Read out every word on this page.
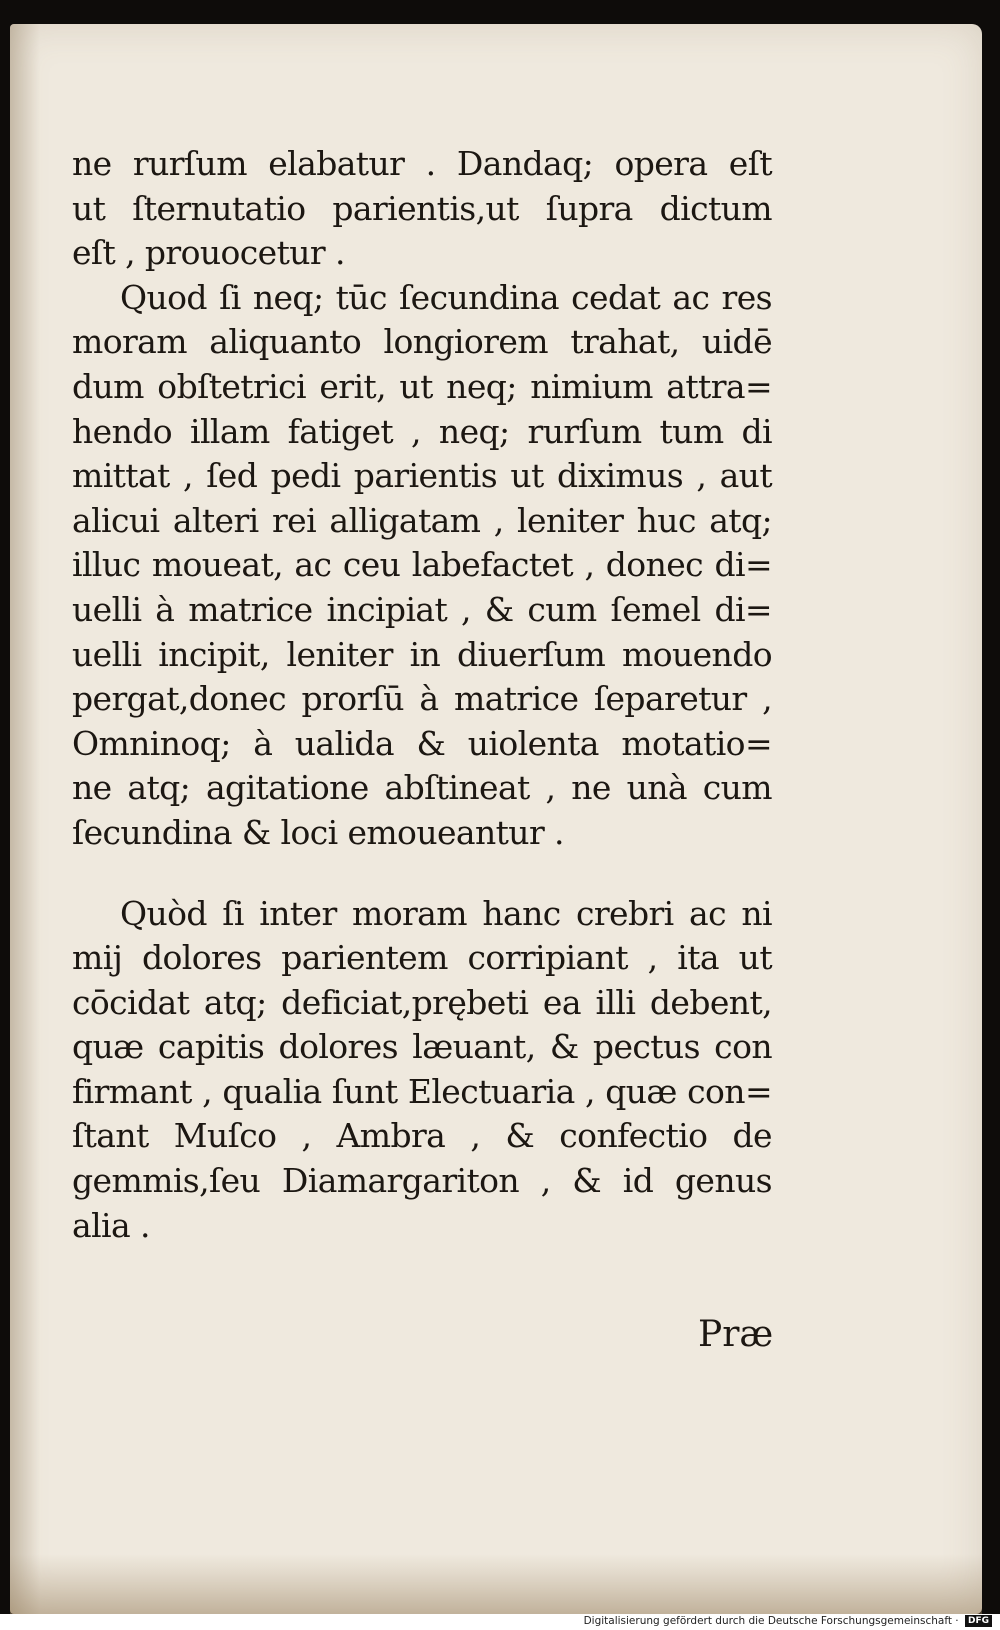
ne rurſum elabatur . Dandaq; opera eſt
ut ſternutatio parientis,ut ſupra dictum
eſt , prouocetur .
Quod ſi neq; tūc ſecundina cedat ac res
moram aliquanto longiorem trahat, uidē
dum obſtetrici erit, ut neq; nimium attra=
hendo illam fatiget , neq; rurſum tum di
mittat , ſed pedi parientis ut diximus , aut
alicui alteri rei alligatam , leniter huc atq;
illuc moueat, ac ceu labefactet , donec di=
uelli à matrice incipiat , & cum ſemel di=
uelli incipit, leniter in diuerſum mouendo
pergat,donec prorſū à matrice ſeparetur ,
Omninoq; à ualida & uiolenta motatio=
ne atq; agitatione abſtineat , ne unà cum
ſecundina & loci emoueantur .
Quòd ſi inter moram hanc crebri ac ni
mij dolores parientem corripiant , ita ut
cōcidat atq; deficiat,prębeti ea illi debent,
quæ capitis dolores læuant, & pectus con
firmant , qualia ſunt Electuaria , quæ con=
ſtant Muſco , Ambra , & confectio de
gemmis,ſeu Diamargariton , & id genus
alia .
Præ
Digitalisierung gefördert durch die Deutsche Forschungsgemeinschaft · DFG
